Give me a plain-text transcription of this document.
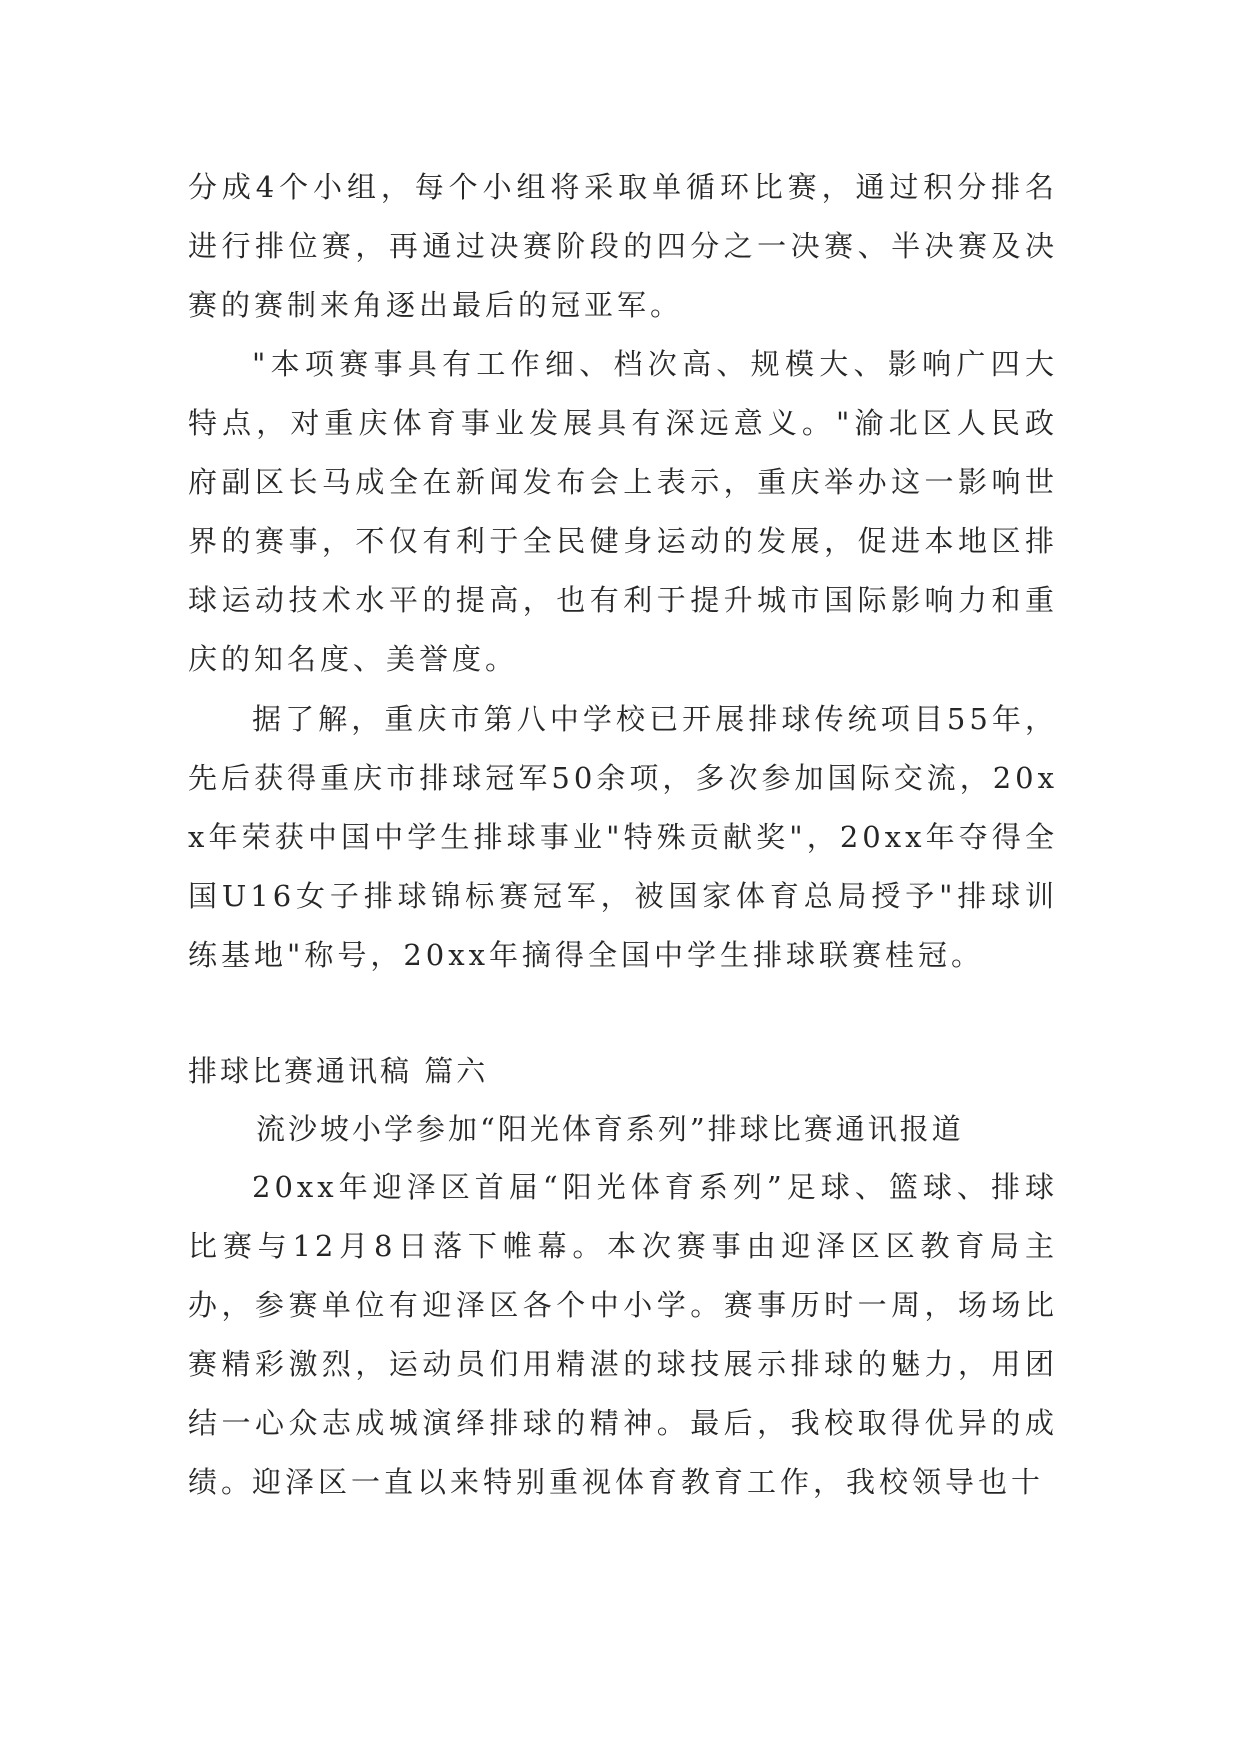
分成4个小组，每个小组将采取单循环比赛，通过积分排名进行排位赛，再通过决赛阶段的四分之一决赛、半决赛及决赛的赛制来角逐出最后的冠亚军。

"本项赛事具有工作细、档次高、规模大、影响广四大特点，对重庆体育事业发展具有深远意义。"渝北区人民政府副区长马成全在新闻发布会上表示，重庆举办这一影响世界的赛事，不仅有利于全民健身运动的发展，促进本地区排球运动技术水平的提高，也有利于提升城市国际影响力和重庆的知名度、美誉度。

据了解，重庆市第八中学校已开展排球传统项目55年，先后获得重庆市排球冠军50余项，多次参加国际交流，20xx年荣获中国中学生排球事业"特殊贡献奖"，20xx年夺得全国U16女子排球锦标赛冠军，被国家体育总局授予"排球训练基地"称号，20xx年摘得全国中学生排球联赛桂冠。

排球比赛通讯稿 篇六

流沙坡小学参加“阳光体育系列”排球比赛通讯报道

20xx年迎泽区首届“阳光体育系列”足球、篮球、排球比赛与12月8日落下帷幕。本次赛事由迎泽区区教育局主办，参赛单位有迎泽区各个中小学。赛事历时一周，场场比赛精彩激烈，运动员们用精湛的球技展示排球的魅力，用团结一心众志成城演绎排球的精神。最后，我校取得优异的成绩。

迎泽区一直以来特别重视体育教育工作，我校领导也十
